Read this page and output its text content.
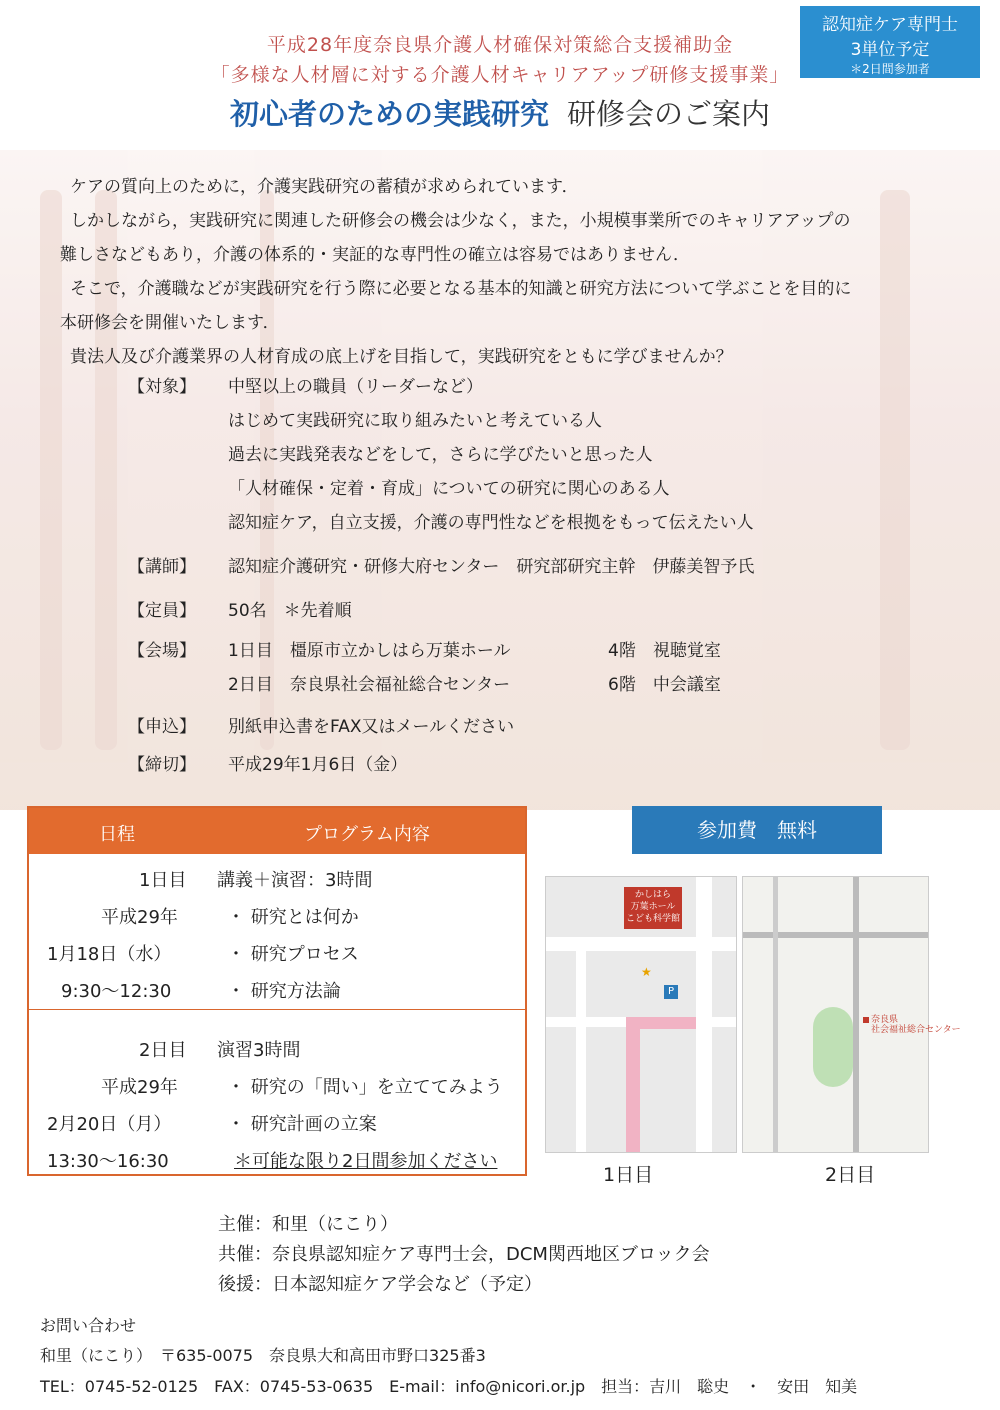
平成28年度奈良県介護人材確保対策総合支援補助金
「多様な人材層に対する介護人材キャリアアップ研修支援事業」
認知症ケア専門士
3単位予定
＊2日間参加者
初心者のための実践研究 研修会のご案内

ケアの質向上のために，介護実践研究の蓄積が求められています．

しかしながら，実践研究に関連した研修会の機会は少なく，また，小規模事業所でのキャリアアップの

難しさなどもあり，介護の体系的・実証的な専門性の確立は容易ではありません．

そこで，介護職などが実践研究を行う際に必要となる基本的知識と研究方法について学ぶことを目的に

本研修会を開催いたします．

貴法人及び介護業界の人材育成の底上げを目指して，実践研究をともに学びませんか？

【対象】	中堅以上の職員（リーダーなど）
はじめて実践研究に取り組みたいと考えている人
過去に実践発表などをして，さらに学びたいと思った人
「人材確保・定着・育成」についての研究に関心のある人
認知症ケア，自立支援，介護の専門性などを根拠をもって伝えたい人
【講師】	認知症介護研究・研修大府センター　研究部研究主幹　伊藤美智予氏
【定員】	50名　＊先着順
【会場】	1日目　橿原市立かしはら万葉ホール	4階　視聴覚室
2日目　奈良県社会福祉総合センター	6階　中会議室
【申込】	別紙申込書をFAX又はメールください
【締切】	平成29年1月6日（金）
日程	プログラム内容
1日目 講義＋演習：3時間
平成29年	・ 研究とは何か
1月18日（水）	・ 研究プロセス
9:30～12:30	・ 研究方法論
2日目 演習3時間
平成29年	・ 研究の「問い」を立ててみよう
2月20日（月）	・ 研究計画の立案
13:30～16:30	＊可能な限り2日間参加ください
参加費　無料
かしはら
万葉ホール
こども科学館
P
★
1日目
奈良県
社会福祉総合センター
2日目
主催：和里（にこり）
共催：奈良県認知症ケア専門士会，DCM関西地区ブロック会
後援：日本認知症ケア学会など（予定）
お問い合わせ
和里（にこり）　〒635-0075　奈良県大和高田市野口325番3
TEL：0745-52-0125　FAX：0745-53-0635　E-mail：info@nicori.or.jp　担当：吉川　聡史　・　安田　知美
